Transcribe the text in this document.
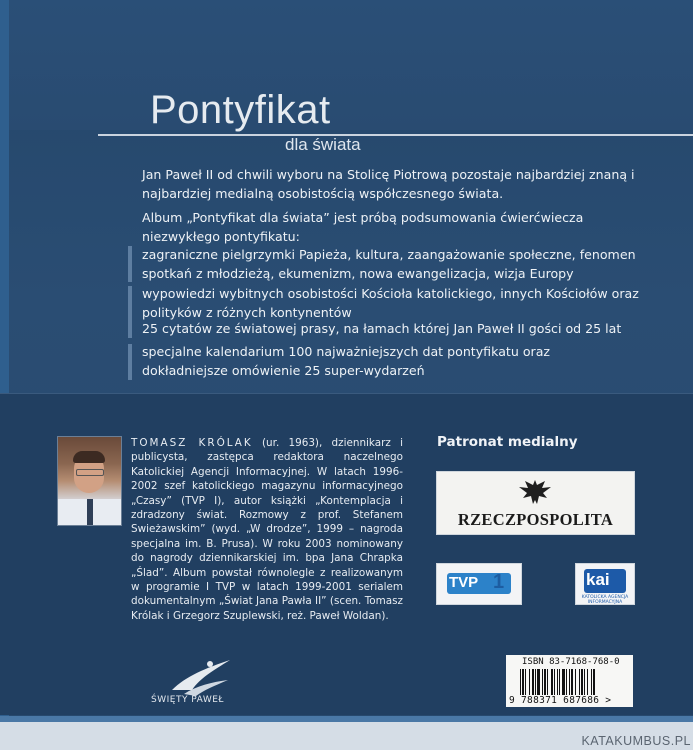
Pontyfikat
dla świata
Jan Paweł II od chwili wyboru na Stolicę Piotrową pozostaje najbardziej znaną i najbardziej medialną osobistością współczesnego świata.
Album „Pontyfikat dla świata” jest próbą podsumowania ćwierćwiecza niezwykłego pontyfikatu:
zagraniczne pielgrzymki Papieża, kultura, zaangażowanie społeczne, fenomen spotkań z młodzieżą, ekumenizm, nowa ewangelizacja, wizja Europy
wypowiedzi wybitnych osobistości Kościoła katolickiego, innych Kościołów oraz polityków z różnych kontynentów
25 cytatów ze światowej prasy, na łamach której Jan Paweł II gości od 25 lat
specjalne kalendarium 100 najważniejszych dat pontyfikatu oraz dokładniejsze omówienie 25 super-wydarzeń
TOMASZ KRÓLAK (ur. 1963), dziennikarz i publicysta, zastępca redaktora naczelnego Katolickiej Agencji Informacyjnej. W latach 1996-2002 szef katolickiego magazynu informacyjnego „Czasy” (TVP I), autor książki „Kontemplacja i zdradzony świat. Rozmowy z prof. Stefanem Swieżawskim” (wyd. „W drodze”, 1999 – nagroda specjalna im. B. Prusa). W roku 2003 nominowany do nagrody dziennikarskiej im. bpa Jana Chrapka „Ślad”. Album powstał równolegle z realizowanym w programie I TVP w latach 1999-2001 serialem dokumentalnym „Świat Jana Pawła II” (scen. Tomasz Królak i Grzegorz Szuplewski, reż. Paweł Woldan).
ŚWIĘTY PAWEŁ
Patronat medialny
RZECZPOSPOLITA
TVP 1	kai
KATOLICKA AGENCJA INFORMACYJNA
ISBN 83-7168-768-0
9 788371 687686 >
KATAKUMBUS.PL
